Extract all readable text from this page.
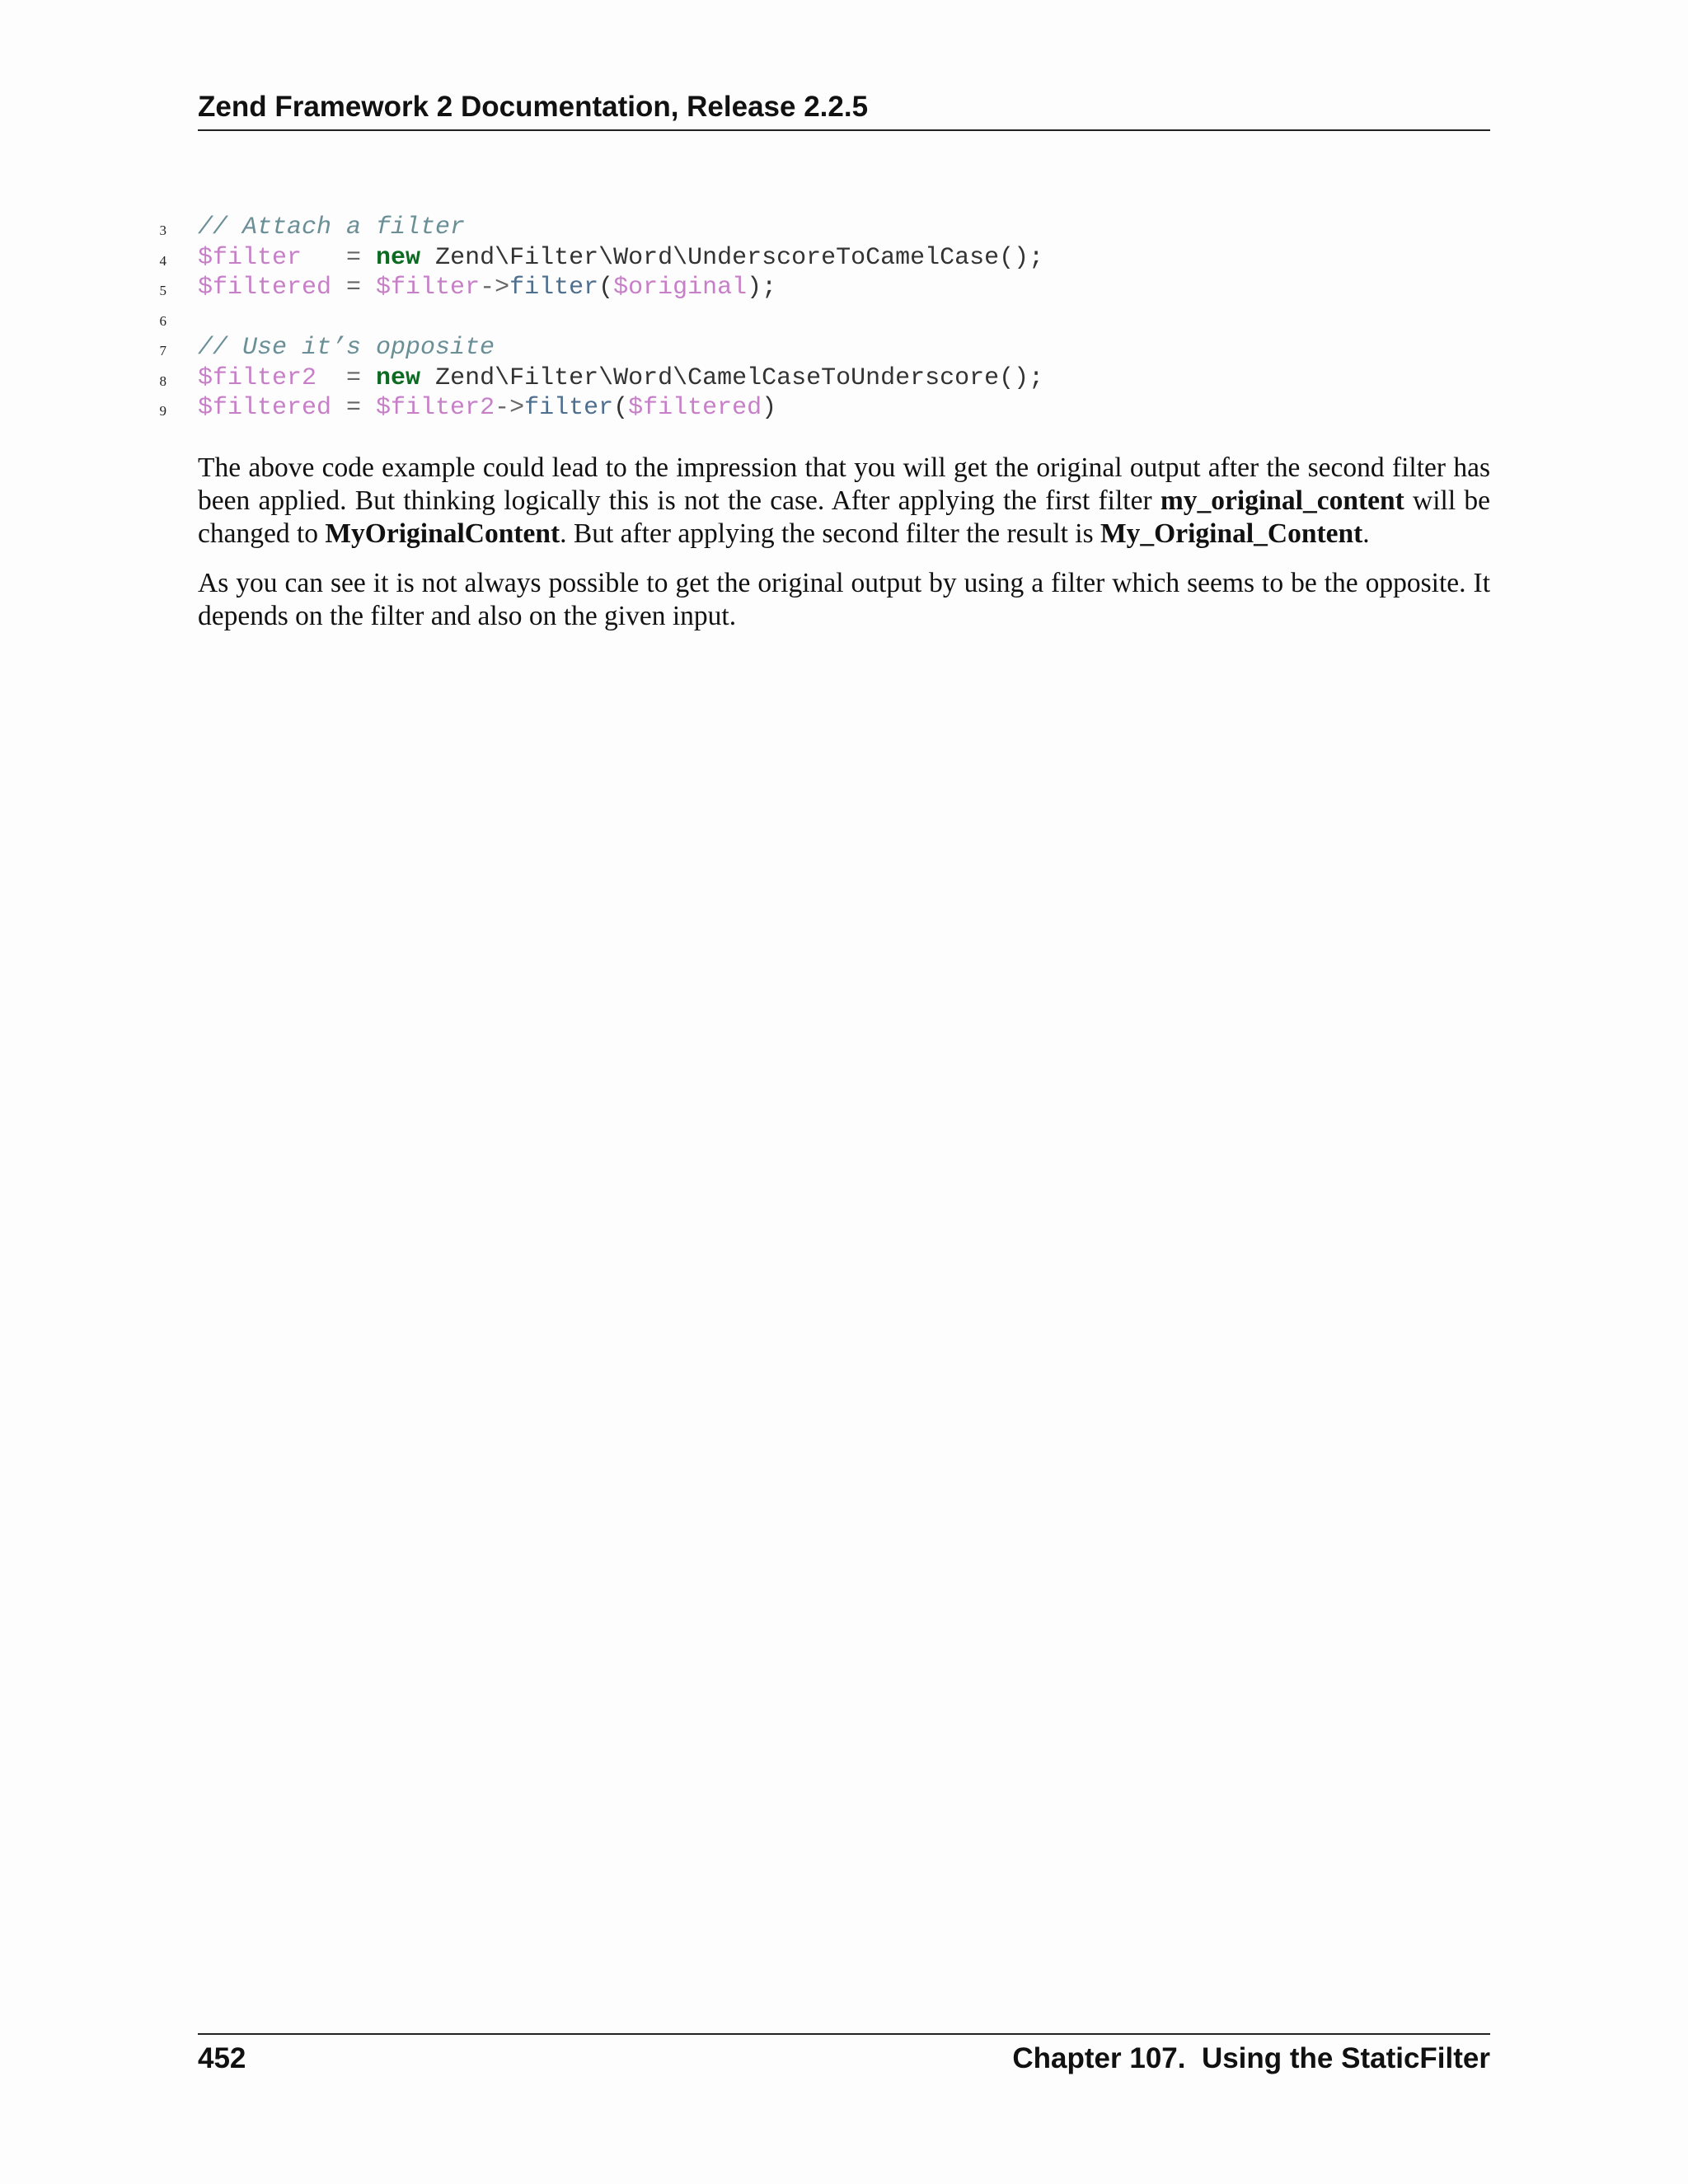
Zend Framework 2 Documentation, Release 2.2.5
3 // Attach a filter
4 $filter   = new Zend\Filter\Word\UnderscoreToCamelCase();
5 $filtered = $filter->filter($original);
6
7 // Use it’s opposite
8 $filter2  = new Zend\Filter\Word\CamelCaseToUnderscore();
9 $filtered = $filter2->filter($filtered)

The above code example could lead to the impression that you will get the original output after the second filter has been applied. But thinking logically this is not the case. After applying the first filter my_original_content will be changed to MyOriginalContent. But after applying the second filter the result is My_Original_Content.

As you can see it is not always possible to get the original output by using a filter which seems to be the opposite. It depends on the filter and also on the given input.

452	Chapter 107.  Using the StaticFilter
